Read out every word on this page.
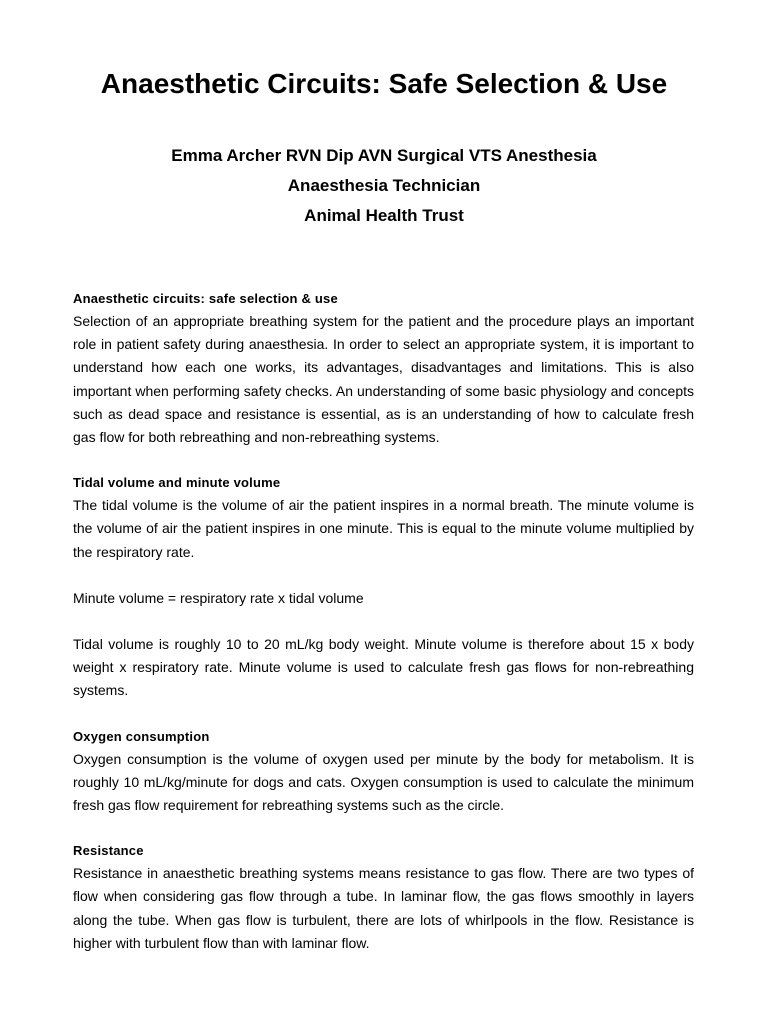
Anaesthetic Circuits: Safe Selection & Use
Emma Archer RVN Dip AVN Surgical VTS Anesthesia
Anaesthesia Technician
Animal Health Trust
Anaesthetic circuits: safe selection & use

Selection of an appropriate breathing system for the patient and the procedure plays an important role in patient safety during anaesthesia. In order to select an appropriate system, it is important to understand how each one works, its advantages, disadvantages and limitations. This is also important when performing safety checks. An understanding of some basic physiology and concepts such as dead space and resistance is essential, as is an understanding of how to calculate fresh gas flow for both rebreathing and non-rebreathing systems.

Tidal volume and minute volume

The tidal volume is the volume of air the patient inspires in a normal breath. The minute volume is the volume of air the patient inspires in one minute. This is equal to the minute volume multiplied by the respiratory rate.

Minute volume = respiratory rate x tidal volume

Tidal volume is roughly 10 to 20 mL/kg body weight. Minute volume is therefore about 15 x body weight x respiratory rate. Minute volume is used to calculate fresh gas flows for non-rebreathing systems.

Oxygen consumption

Oxygen consumption is the volume of oxygen used per minute by the body for metabolism. It is roughly 10 mL/kg/minute for dogs and cats. Oxygen consumption is used to calculate the minimum fresh gas flow requirement for rebreathing systems such as the circle.

Resistance

Resistance in anaesthetic breathing systems means resistance to gas flow. There are two types of flow when considering gas flow through a tube. In laminar flow, the gas flows smoothly in layers along the tube. When gas flow is turbulent, there are lots of whirlpools in the flow. Resistance is higher with turbulent flow than with laminar flow.
